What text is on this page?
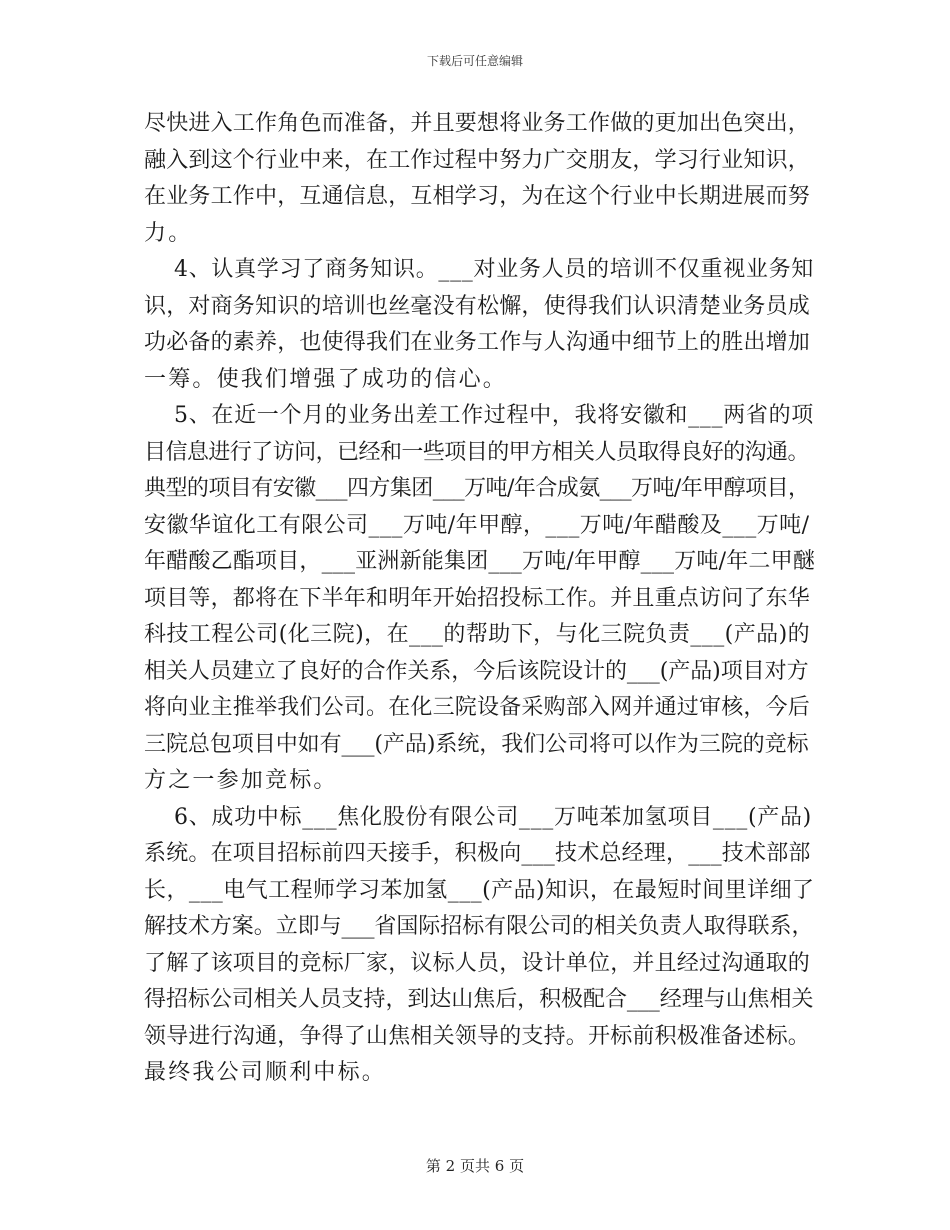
下载后可任意编辑
尽快进入工作角色而准备，并且要想将业务工作做的更加出色突出，
融入到这个行业中来，在工作过程中努力广交朋友，学习行业知识，
在业务工作中，互通信息，互相学习，为在这个行业中长期进展而努
力。
4、认真学习了商务知识。___对业务人员的培训不仅重视业务知
识，对商务知识的培训也丝毫没有松懈，使得我们认识清楚业务员成
功必备的素养，也使得我们在业务工作与人沟通中细节上的胜出增加
一筹。使我们增强了成功的信心。
5、在近一个月的业务出差工作过程中，我将安徽和___两省的项
目信息进行了访问，已经和一些项目的甲方相关人员取得良好的沟通。
典型的项目有安徽___四方集团___万吨/年合成氨___万吨/年甲醇项目，
安徽华谊化工有限公司___万吨/年甲醇，___万吨/年醋酸及___万吨/
年醋酸乙酯项目，___亚洲新能集团___万吨/年甲醇___万吨/年二甲醚
项目等，都将在下半年和明年开始招投标工作。并且重点访问了东华
科技工程公司(化三院)，在___的帮助下，与化三院负责___(产品)的
相关人员建立了良好的合作关系，今后该院设计的___(产品)项目对方
将向业主推举我们公司。在化三院设备采购部入网并通过审核，今后
三院总包项目中如有___(产品)系统，我们公司将可以作为三院的竞标
方之一参加竞标。
6、成功中标___焦化股份有限公司___万吨苯加氢项目___(产品)
系统。在项目招标前四天接手，积极向___技术总经理，___技术部部
长，___电气工程师学习苯加氢___(产品)知识，在最短时间里详细了
解技术方案。立即与___省国际招标有限公司的相关负责人取得联系，
了解了该项目的竞标厂家，议标人员，设计单位，并且经过沟通取的
得招标公司相关人员支持，到达山焦后，积极配合___经理与山焦相关
领导进行沟通，争得了山焦相关领导的支持。开标前积极准备述标。
最终我公司顺利中标。
第 2 页共 6 页
